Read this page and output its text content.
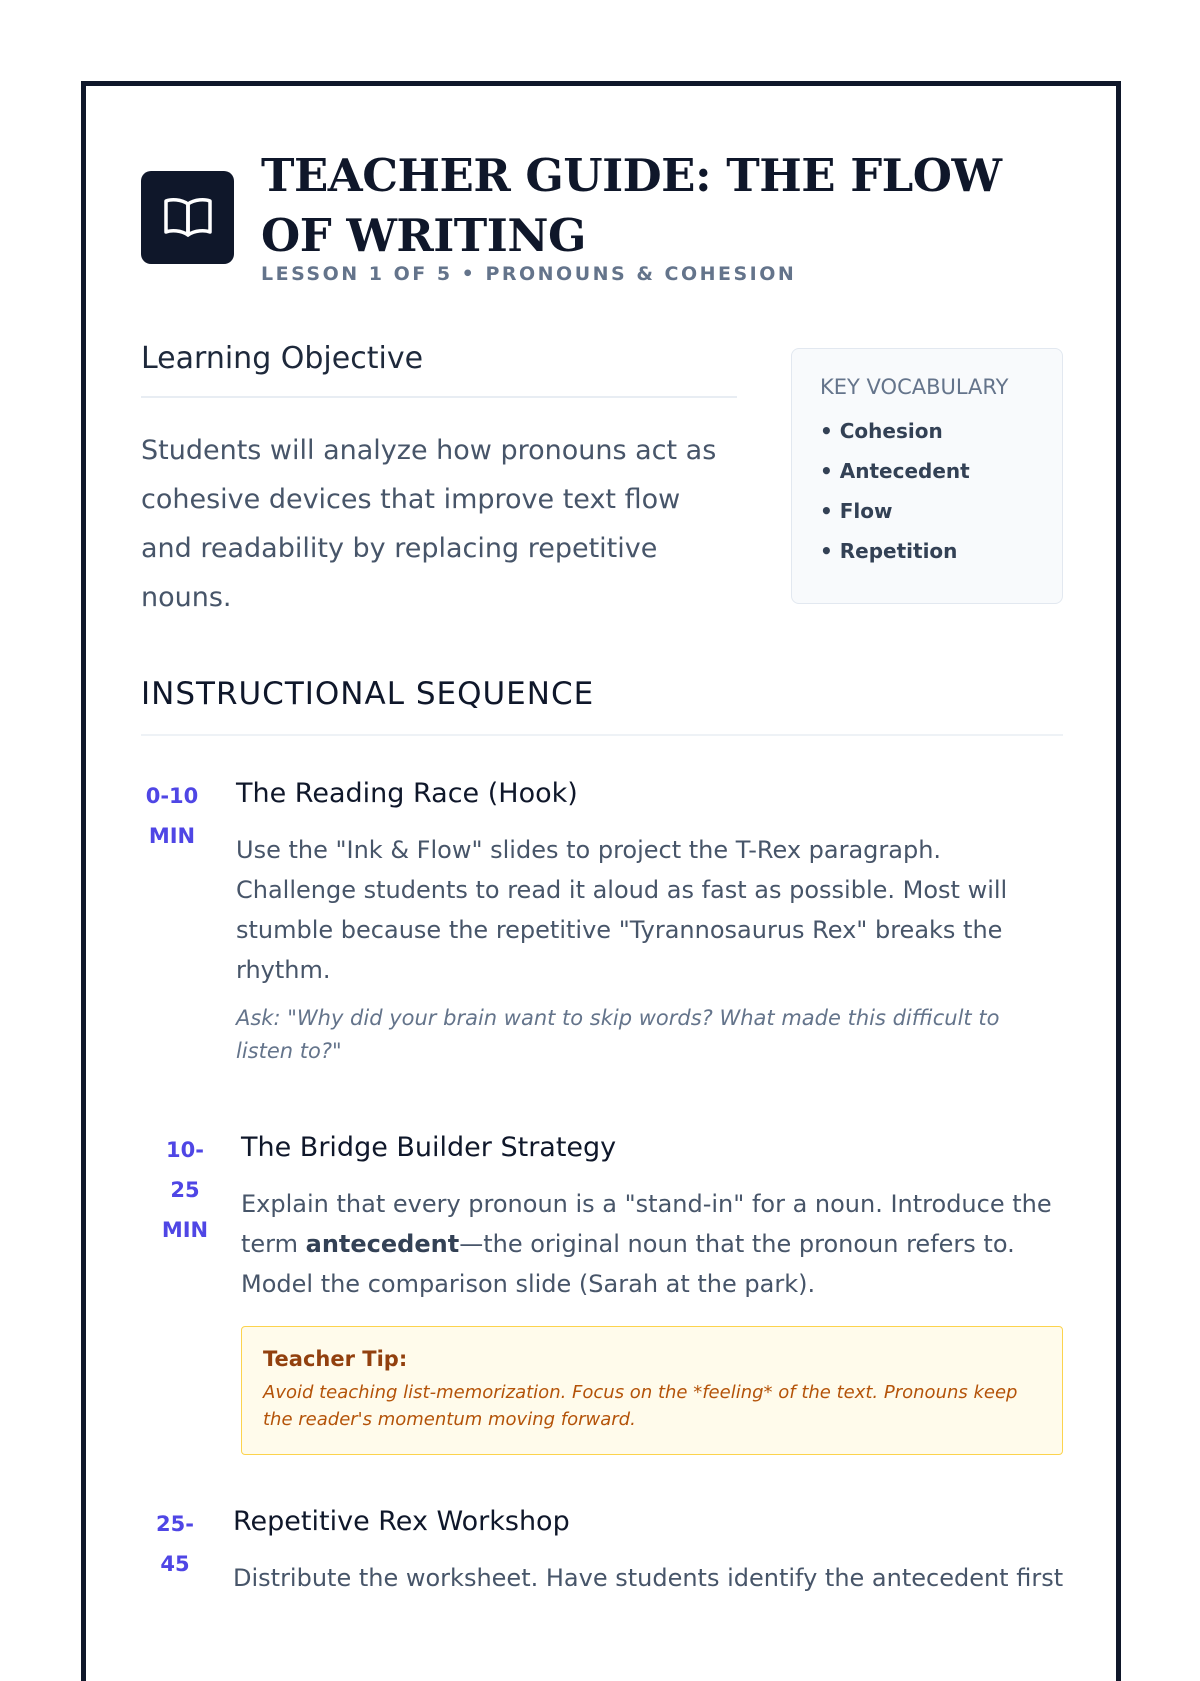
TEACHER GUIDE: THE FLOW OF WRITING
LESSON 1 OF 5 • PRONOUNS & COHESION
Learning Objective

Students will analyze how pronouns act as cohesive devices that improve text flow and readability by replacing repetitive nouns.

KEY VOCABULARY
• Cohesion
• Antecedent
• Flow
• Repetition
INSTRUCTIONAL SEQUENCE
0-10
MIN
The Reading Race (Hook)

Use the "Ink & Flow" slides to project the T-Rex paragraph. Challenge students to read it aloud as fast as possible. Most will stumble because the repetitive "Tyrannosaurus Rex" breaks the rhythm.

Ask: "Why did your brain want to skip words? What made this difficult to listen to?"

10-
25
MIN
The Bridge Builder Strategy

Explain that every pronoun is a "stand-in" for a noun. Introduce the term antecedent—the original noun that the pronoun refers to. Model the comparison slide (Sarah at the park).

Teacher Tip:
Avoid teaching list-memorization. Focus on the *feeling* of the text. Pronouns keep the reader's momentum moving forward.
25-
45
Repetitive Rex Workshop

Distribute the worksheet. Have students identify the antecedent first
